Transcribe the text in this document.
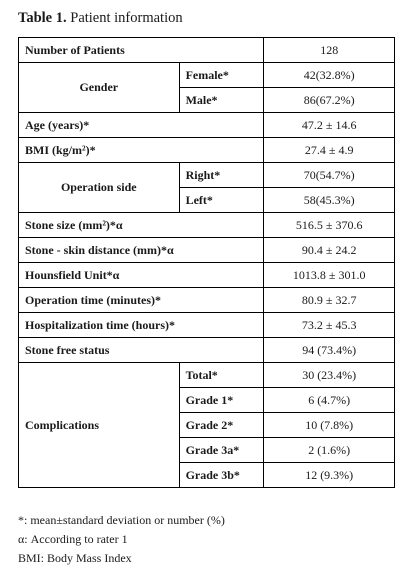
Table 1. Patient information
Number of Patients		128
Gender	Female*	42(32.8%)
	Male*	86(67.2%)
Age (years)*		47.2 ± 14.6
BMI (kg/m²)*		27.4 ± 4.9
Operation side	Right*	70(54.7%)
	Left*	58(45.3%)
Stone size (mm²)*α		516.5 ± 370.6
Stone - skin distance (mm)*α		90.4 ± 24.2
Hounsfield Unit*α		1013.8 ± 301.0
Operation time (minutes)*		80.9 ± 32.7
Hospitalization time (hours)*		73.2 ± 45.3
Stone free status		94 (73.4%)
Complications	Total*	30 (23.4%)
	Grade 1*	6 (4.7%)
	Grade 2*	10 (7.8%)
	Grade 3a*	2 (1.6%)
	Grade 3b*	12 (9.3%)
*: mean±standard deviation or number (%)
α: According to rater 1
BMI: Body Mass Index
